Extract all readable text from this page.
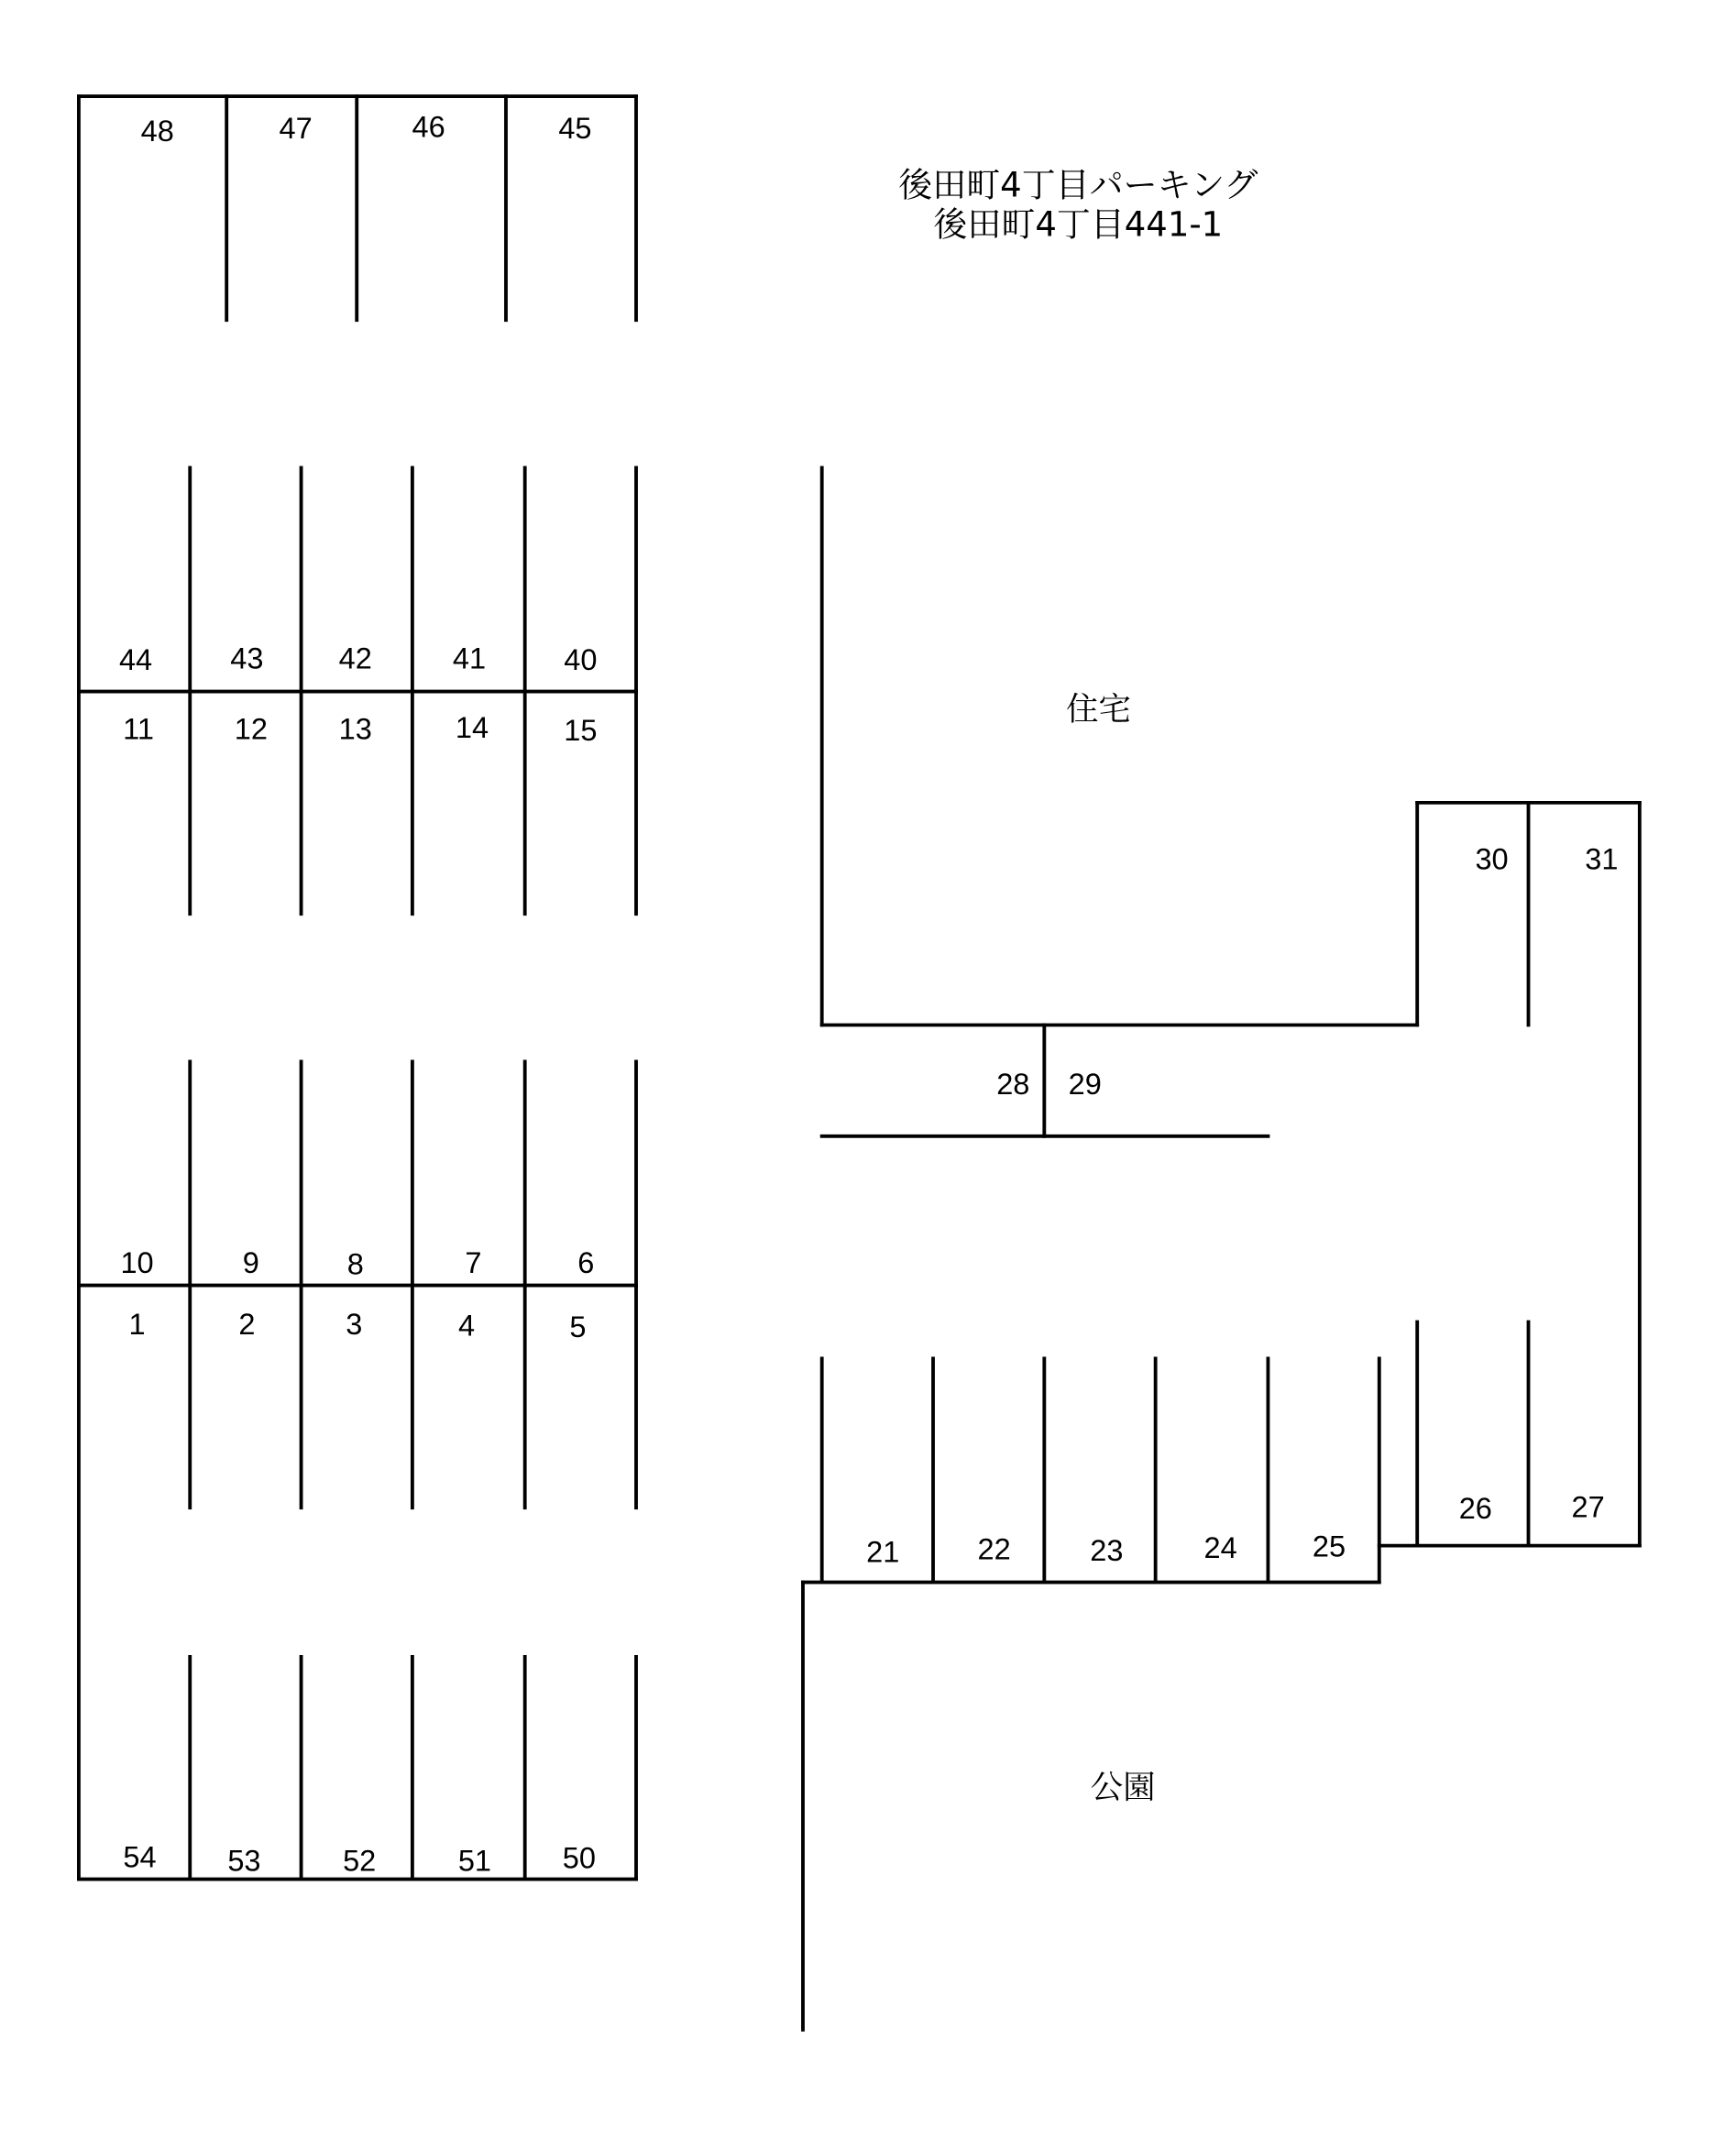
後田町4丁目パーキング
後田町4丁目441-1
住宅
公園
48	47	46	45
44	43	42	41	40
11	12	13	14	15
10	9	8	7	6
1	2	3	4	5
54	53	52	51	50
30	31
28 29
21	22	23	24	25
26	27
